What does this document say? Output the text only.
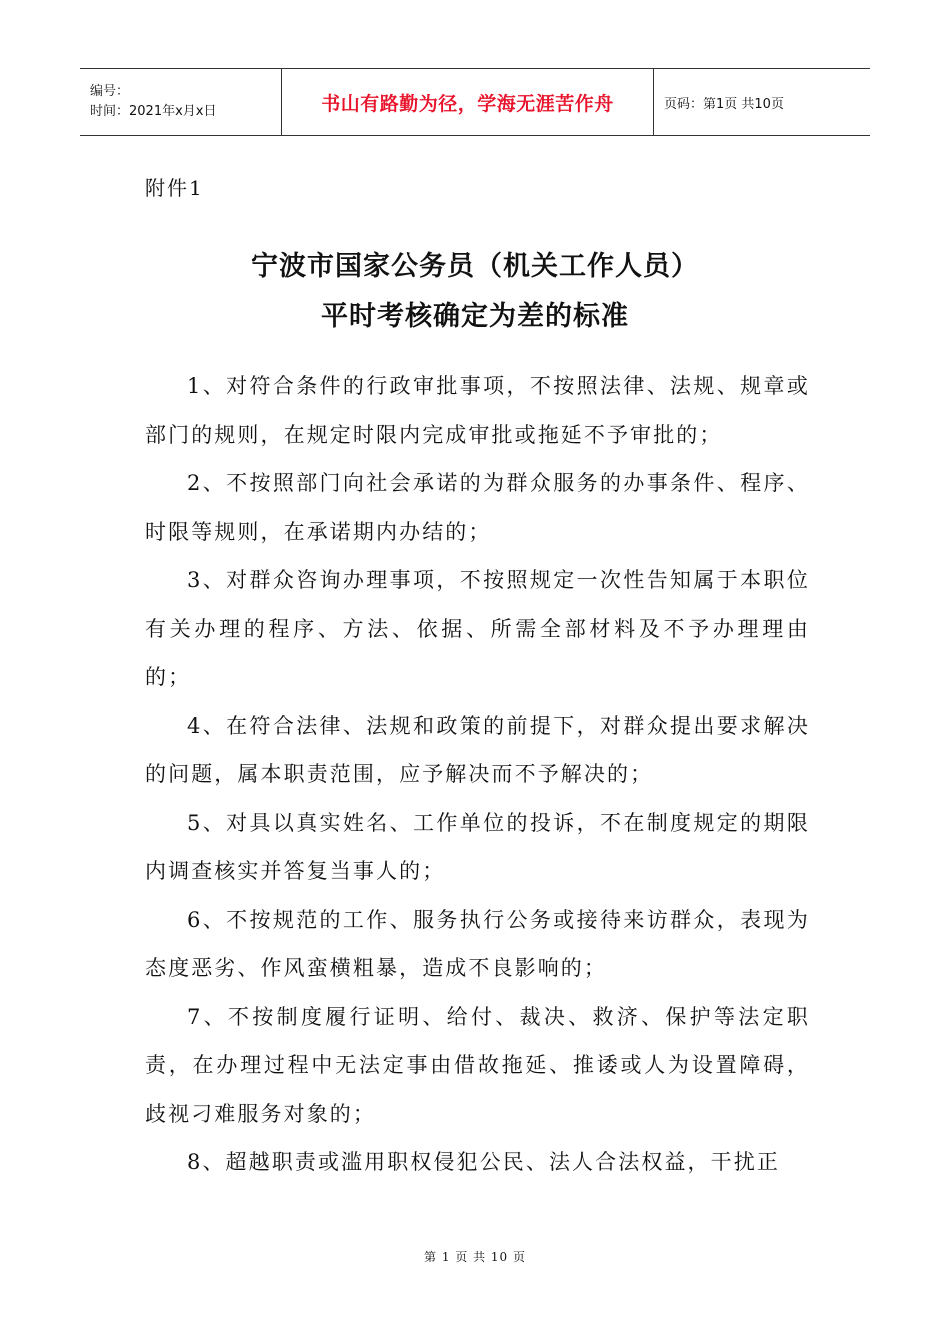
编号：
时间：2021年x月x日	书山有路勤为径，学海无涯苦作舟	页码：第1页 共10页
附件1
宁波市国家公务员（机关工作人员）
平时考核确定为差的标准

1、对符合条件的行政审批事项，不按照法律、法规、规章或部门的规则，在规定时限内完成审批或拖延不予审批的；

2、不按照部门向社会承诺的为群众服务的办事条件、程序、时限等规则，在承诺期内办结的；

3、对群众咨询办理事项，不按照规定一次性告知属于本职位有关办理的程序、方法、依据、所需全部材料及不予办理理由的；

4、在符合法律、法规和政策的前提下，对群众提出要求解决的问题，属本职责范围，应予解决而不予解决的；

5、对具以真实姓名、工作单位的投诉，不在制度规定的期限内调查核实并答复当事人的；

6、不按规范的工作、服务执行公务或接待来访群众，表现为态度恶劣、作风蛮横粗暴，造成不良影响的；

7、不按制度履行证明、给付、裁决、救济、保护等法定职责，在办理过程中无法定事由借故拖延、推诿或人为设置障碍，歧视刁难服务对象的；

8、超越职责或滥用职权侵犯公民、法人合法权益，干扰正

第 1 页 共 10 页
